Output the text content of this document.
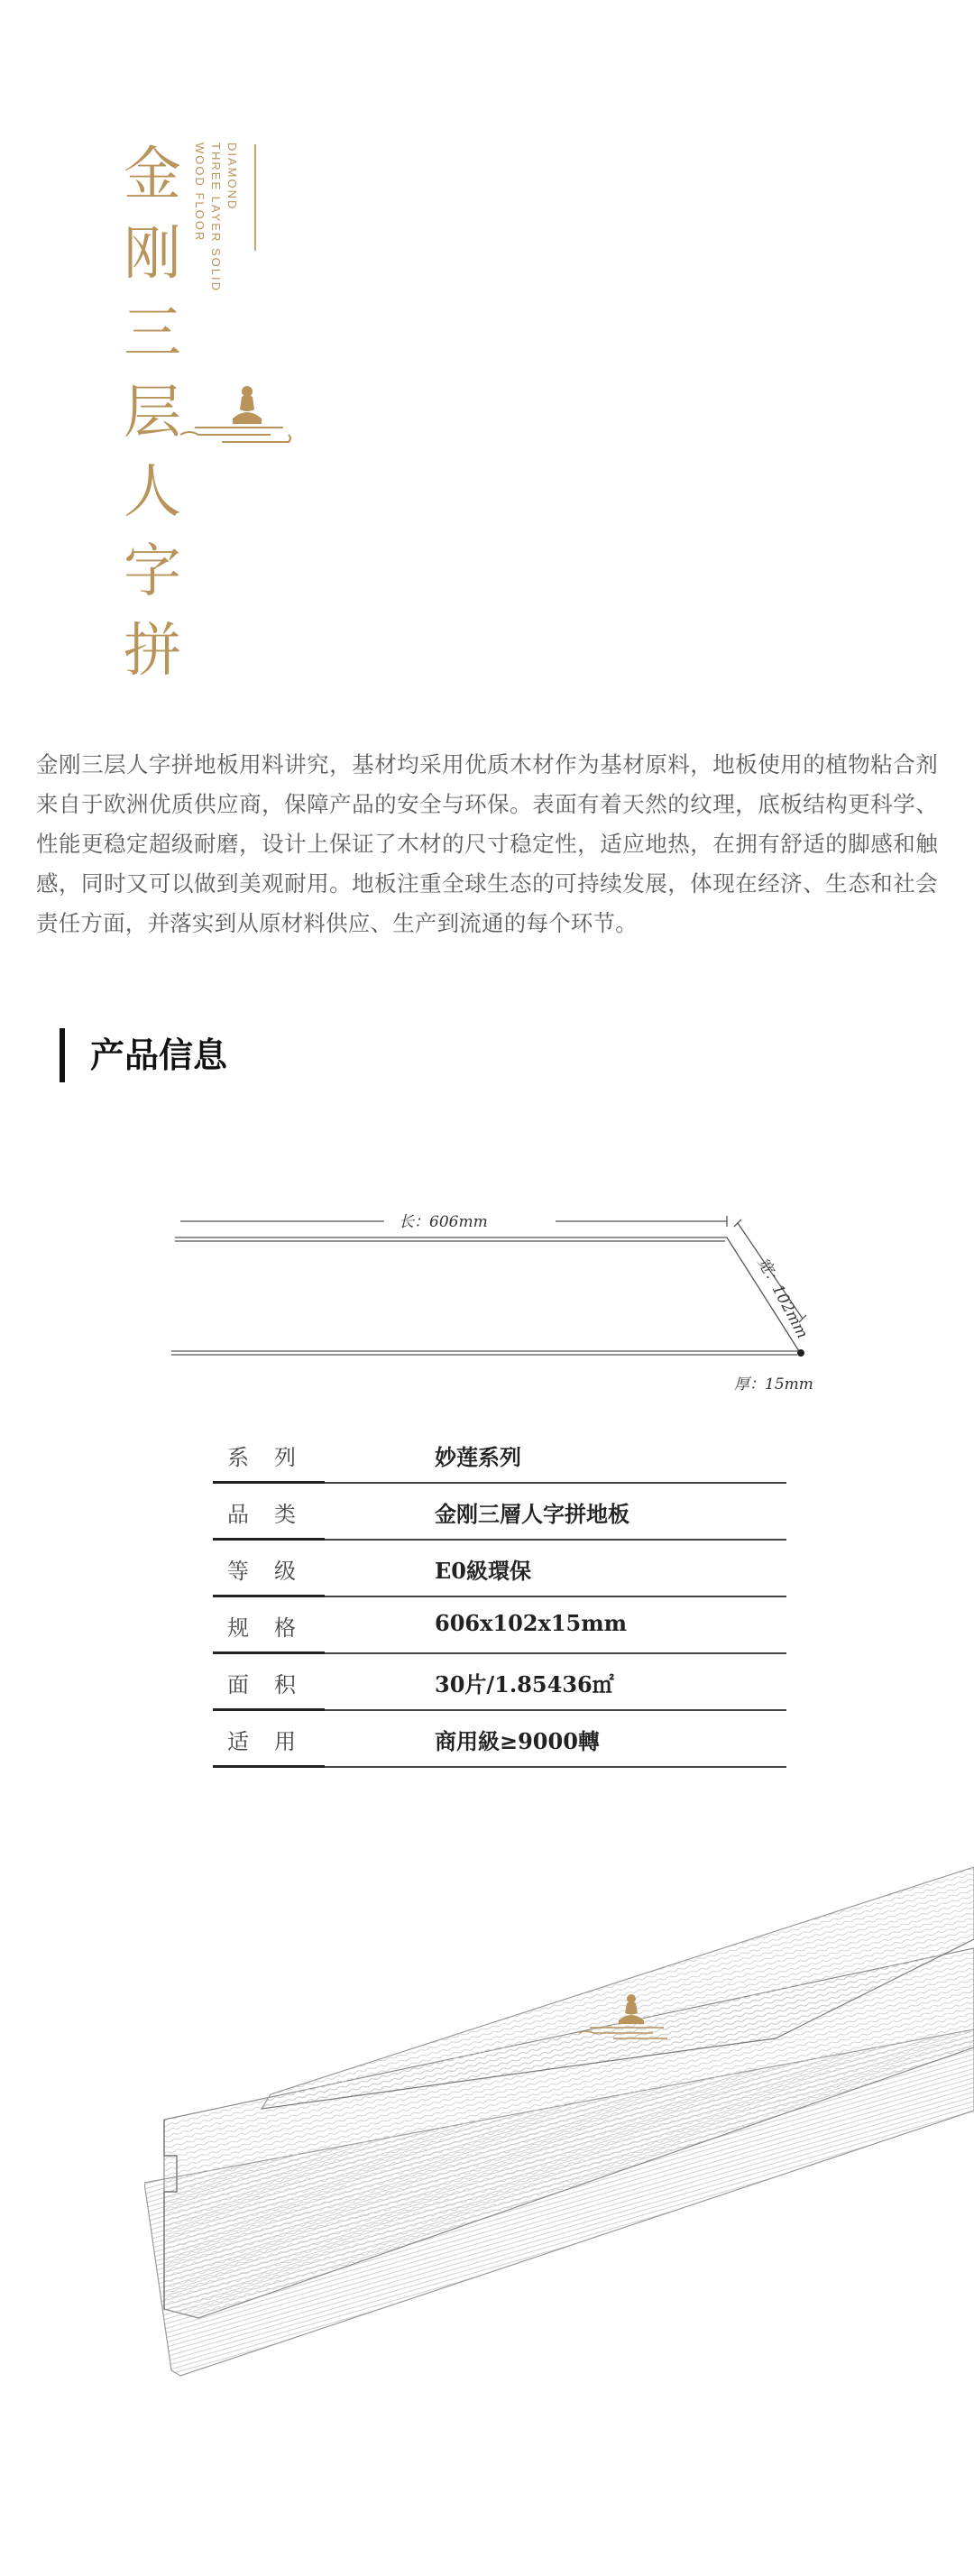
金
刚
三
层
人
字
拼
DIAMOND
THREE LAYER SOLID
WOOD FLOOR
金刚三层人字拼地板用料讲究，基材均采用优质木材作为基材原料，地板使用的植物粘合剂来自于欧洲优质供应商，保障产品的安全与环保。表面有着天然的纹理，底板结构更科学、性能更稳定超级耐磨，设计上保证了木材的尺寸稳定性，适应地热，在拥有舒适的脚感和触感，同时又可以做到美观耐用。地板注重全球生态的可持续发展，体现在经济、生态和社会责任方面，并落实到从原材料供应、生产到流通的每个环节。
产品信息
长：606mm
宽：102mm
厚：15mm
系列	妙莲系列
品类	金刚三層人字拼地板
等级	E0級環保
规格	606x102x15mm
面积	30片/1.85436㎡
适用	商用級≥9000轉
